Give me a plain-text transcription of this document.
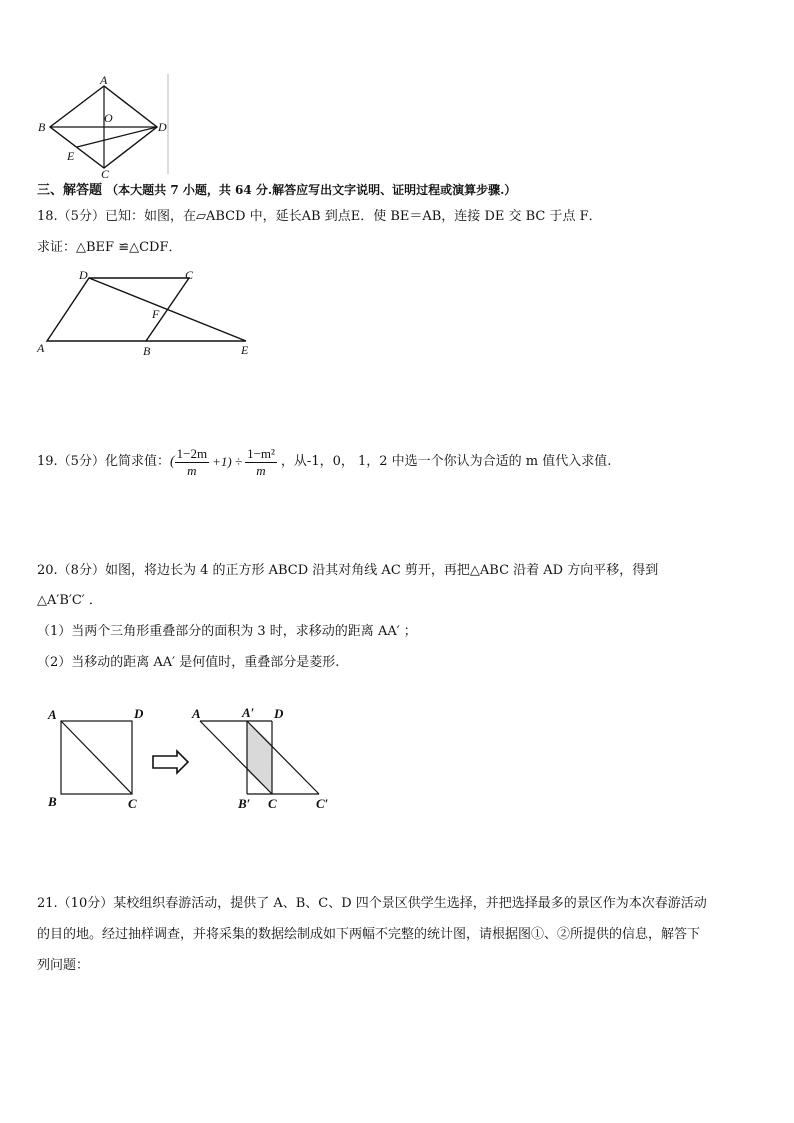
A
B	D
C
O
E
三、解答题 （本大题共 7 小题，共 64 分.解答应写出文字说明、证明过程或演算步骤.）
18.（5分）已知：如图，在▱ABCD 中，延长AB 到点E．使 BE＝AB，连接 DE 交 BC 于点 F．
求证：△BEF ≌△CDF．
D	C
F
A	B	E
19.（5分）化简求值： ( $\frac{1-2m}{m} +1) \div \frac{\text{1−m²}}{m}$ ，从-1，0， 1，2 中选一个你认为合适的 m 值代入求值.
20.（8分）如图，将边长为 4 的正方形 ABCD 沿其对角线 AC 剪开，再把△ABC 沿着 AD 方向平移，得到
△A′B′C′ ．
（1）当两个三角形重叠部分的面积为 3 时，求移动的距离 AA′ ；
（2）当移动的距离 AA′ 是何值时，重叠部分是菱形.
A	D
B	C
A	A′ D
B′ C	C′
21.（10分）某校组织春游活动，提供了 A、B、C、D 四个景区供学生选择，并把选择最多的景区作为本次春游活动
的目的地。经过抽样调查，并将采集的数据绘制成如下两幅不完整的统计图，请根据图①、②所提供的信息，解答下
列问题：
